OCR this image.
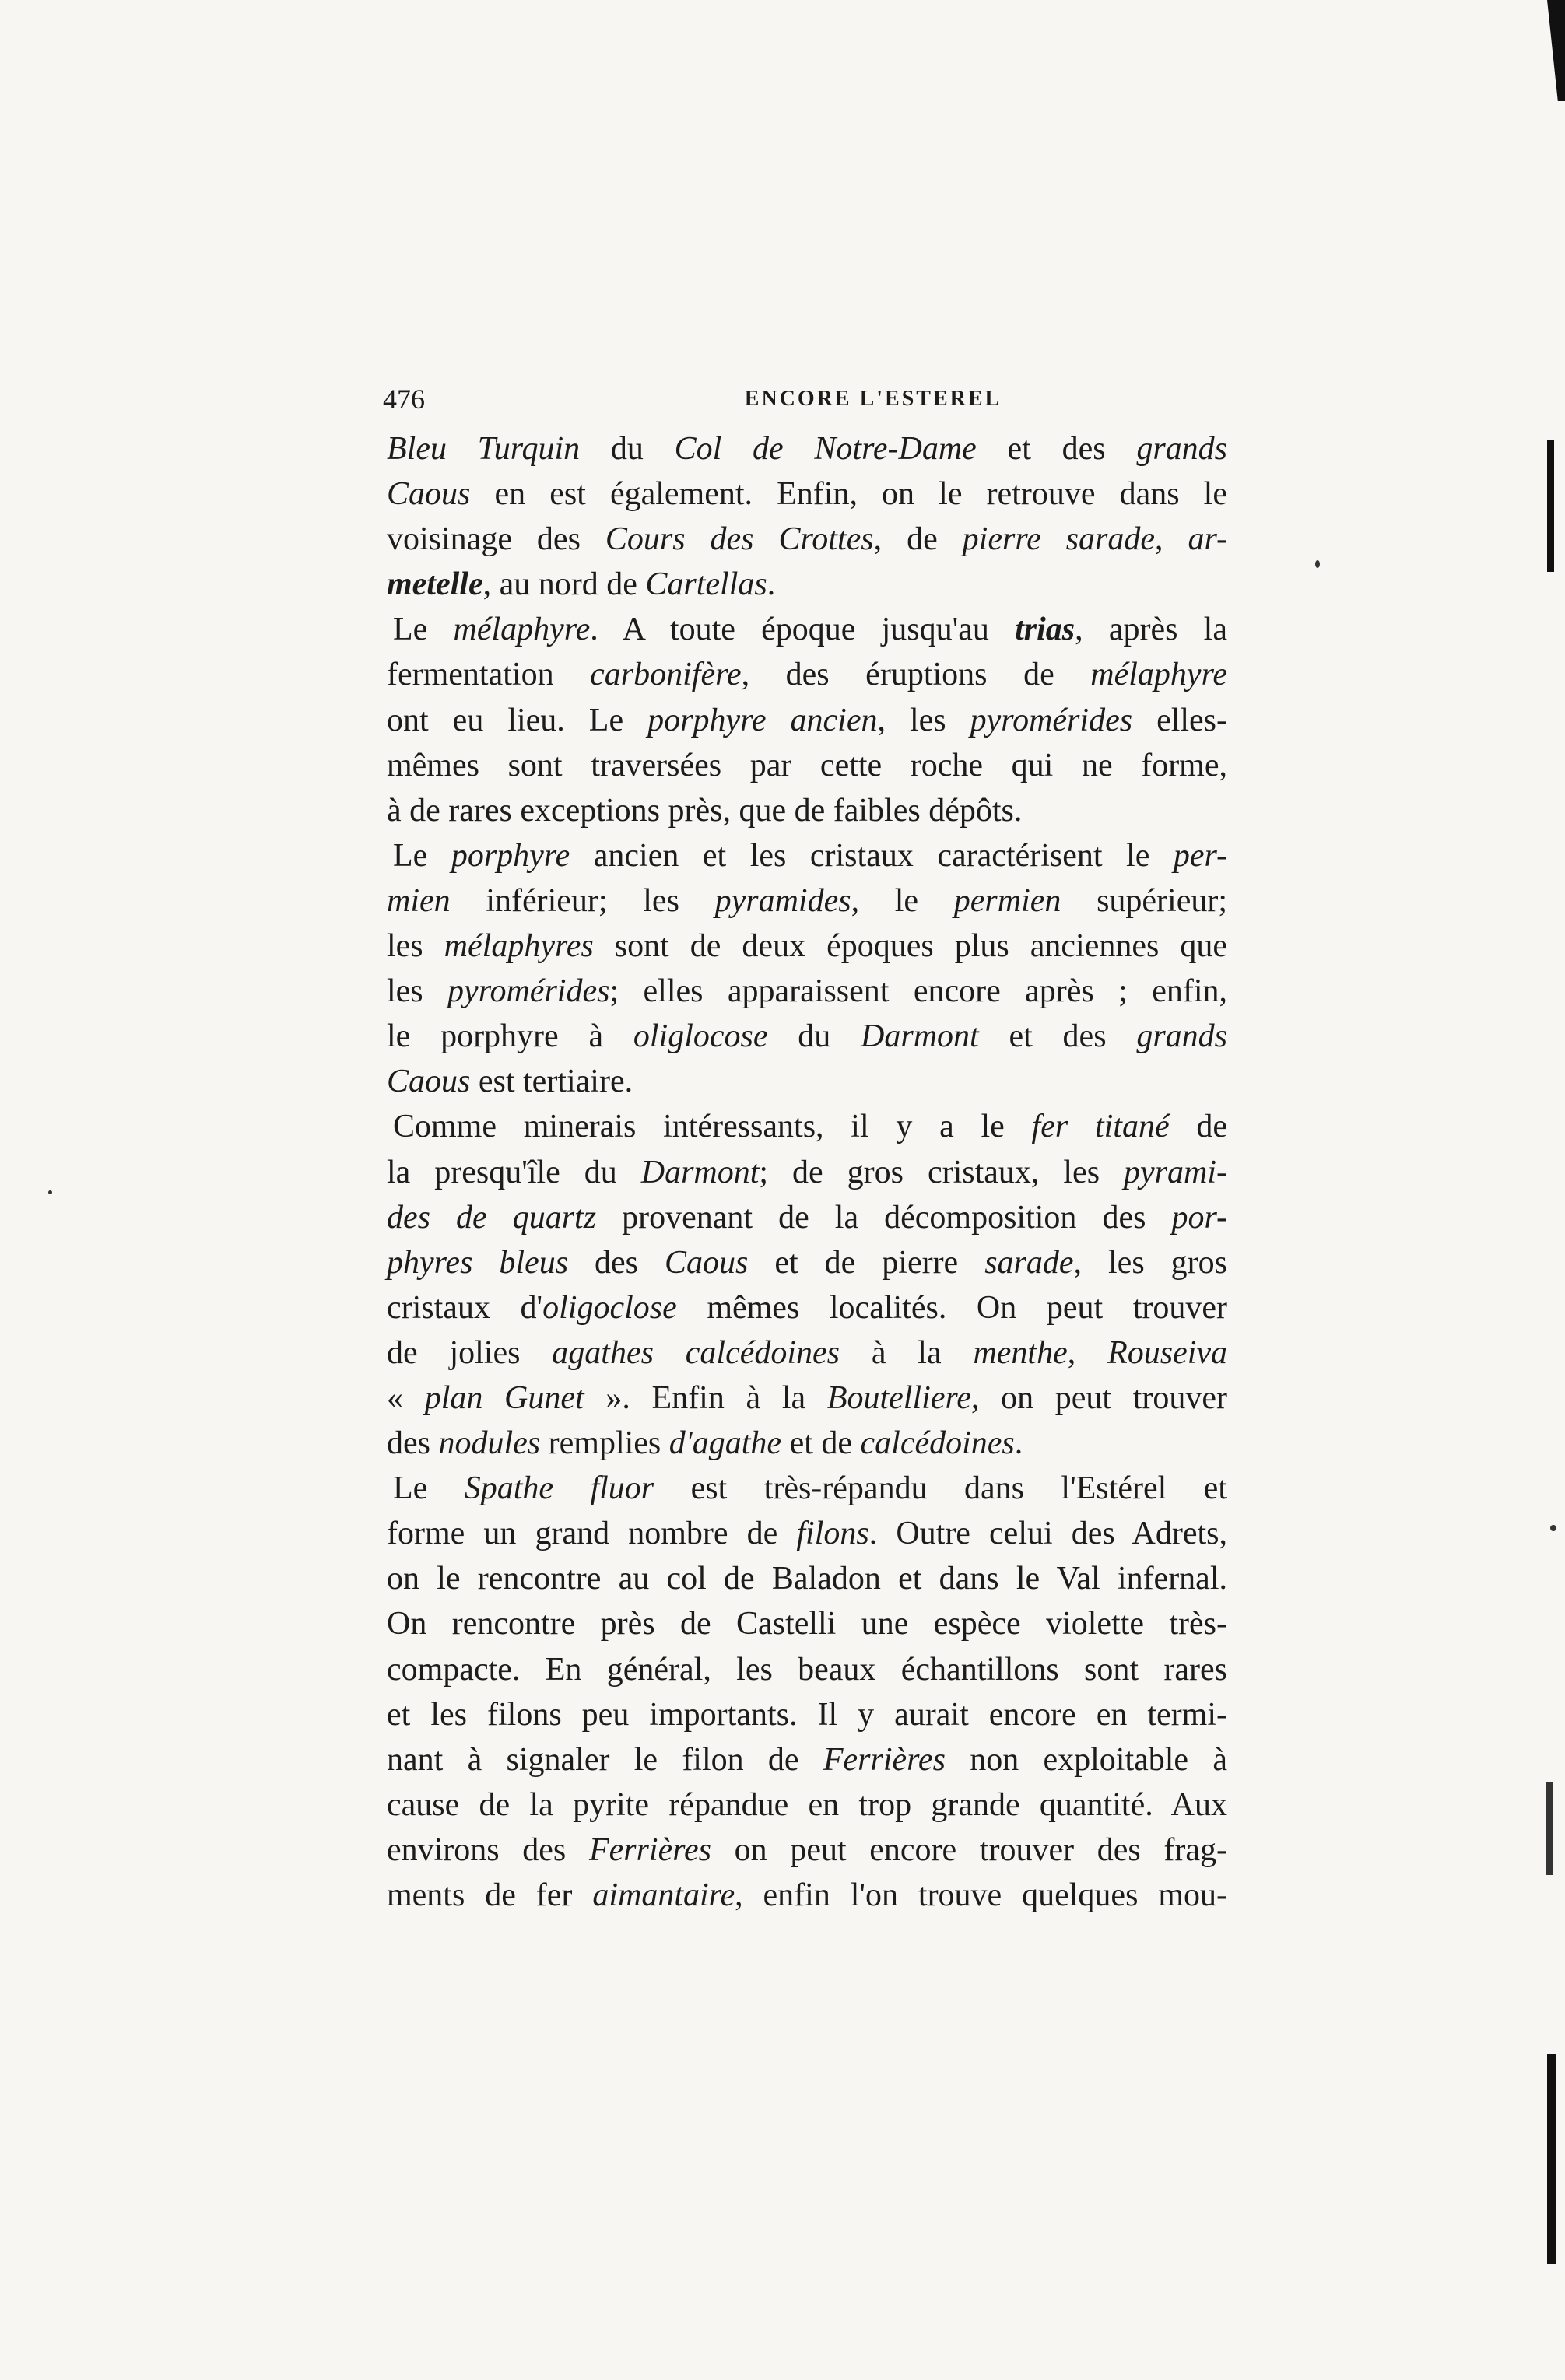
476	ENCORE L'ESTEREL
Bleu Turquin du Col de Notre-Dame et des grands
Caous en est également. Enfin, on le retrouve dans le
voisinage des Cours des Crottes, de pierre sarade, ar-
metelle, au nord de Cartellas.
Le mélaphyre. A toute époque jusqu'au trias, après la
fermentation carbonifère, des éruptions de mélaphyre
ont eu lieu. Le porphyre ancien, les pyromérides elles-
mêmes sont traversées par cette roche qui ne forme,
à de rares exceptions près, que de faibles dépôts.
Le porphyre ancien et les cristaux caractérisent le per-
mien inférieur; les pyramides, le permien supérieur;
les mélaphyres sont de deux époques plus anciennes que
les pyromérides; elles apparaissent encore après ; enfin,
le porphyre à oliglocose du Darmont et des grands
Caous est tertiaire.
Comme minerais intéressants, il y a le fer titané de
la presqu'île du Darmont; de gros cristaux, les pyrami-
des de quartz provenant de la décomposition des por-
phyres bleus des Caous et de pierre sarade, les gros
cristaux d'oligoclose mêmes localités. On peut trouver
de jolies agathes calcédoines à la menthe, Rouseiva
« plan Gunet ». Enfin à la Boutelliere, on peut trouver
des nodules remplies d'agathe et de calcédoines.
Le Spathe fluor est très-répandu dans l'Estérel et
forme un grand nombre de filons. Outre celui des Adrets,
on le rencontre au col de Baladon et dans le Val infernal.
On rencontre près de Castelli une espèce violette très-
compacte. En général, les beaux échantillons sont rares
et les filons peu importants. Il y aurait encore en termi-
nant à signaler le filon de Ferrières non exploitable à
cause de la pyrite répandue en trop grande quantité. Aux
environs des Ferrières on peut encore trouver des frag-
ments de fer aimantaire, enfin l'on trouve quelques mou-
